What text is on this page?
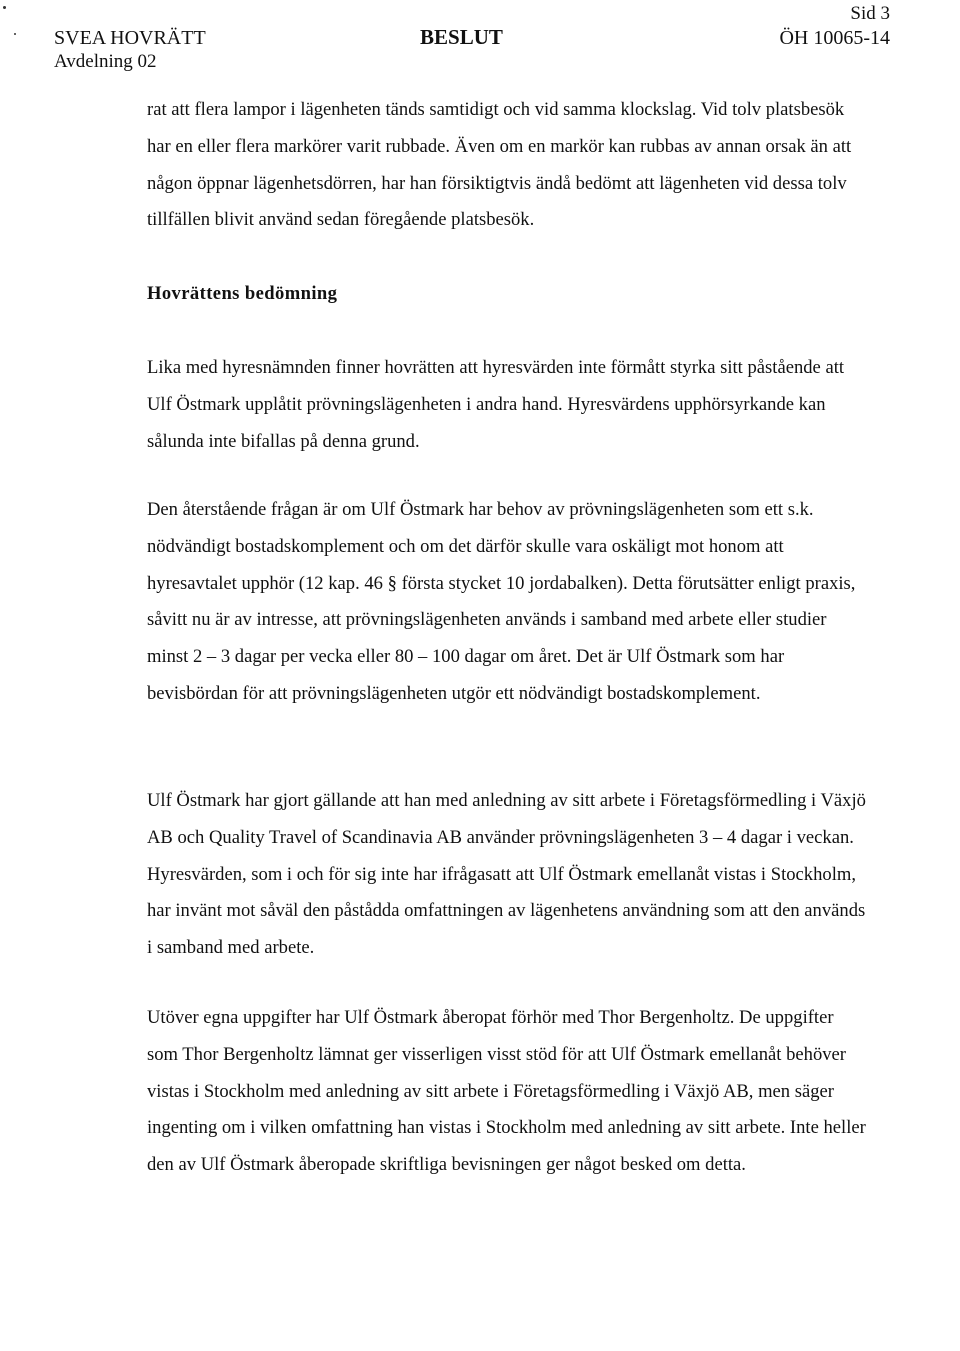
SVEA HOVRÄTT
Avdelning 02
BESLUT
Sid 3
ÖH 10065-14

rat att flera lampor i lägenheten tänds samtidigt och vid samma klockslag. Vid tolv platsbesök har en eller flera markörer varit rubbade. Även om en markör kan rubbas av annan orsak än att någon öppnar lägenhetsdörren, har han försiktigtvis ändå bedömt att lägenheten vid dessa tolv tillfällen blivit använd sedan föregående platsbesök.

Hovrättens bedömning

Lika med hyresnämnden finner hovrätten att hyresvärden inte förmått styrka sitt påstående att Ulf Östmark upplåtit prövningslägenheten i andra hand. Hyresvärdens upphörsyrkande kan sålunda inte bifallas på denna grund.

Den återstående frågan är om Ulf Östmark har behov av prövningslägenheten som ett s.k. nödvändigt bostadskomplement och om det därför skulle vara oskäligt mot honom att hyresavtalet upphör (12 kap. 46 § första stycket 10 jordabalken). Detta förutsätter enligt praxis, såvitt nu är av intresse, att prövningslägenheten används i samband med arbete eller studier minst 2 – 3 dagar per vecka eller 80 – 100 dagar om året. Det är Ulf Östmark som har bevisbördan för att prövningslägenheten utgör ett nödvändigt bostadskomplement.

Ulf Östmark har gjort gällande att han med anledning av sitt arbete i Företagsförmedling i Växjö AB och Quality Travel of Scandinavia AB använder prövningslägenheten 3 – 4 dagar i veckan. Hyresvärden, som i och för sig inte har ifrågasatt att Ulf Östmark emellanåt vistas i Stockholm, har invänt mot såväl den påstådda omfattningen av lägenhetens användning som att den används i samband med arbete.

Utöver egna uppgifter har Ulf Östmark åberopat förhör med Thor Bergenholtz. De uppgifter som Thor Bergenholtz lämnat ger visserligen visst stöd för att Ulf Östmark emellanåt behöver vistas i Stockholm med anledning av sitt arbete i Företagsförmedling i Växjö AB, men säger ingenting om i vilken omfattning han vistas i Stockholm med anledning av sitt arbete. Inte heller den av Ulf Östmark åberopade skriftliga bevisningen ger något besked om detta.
